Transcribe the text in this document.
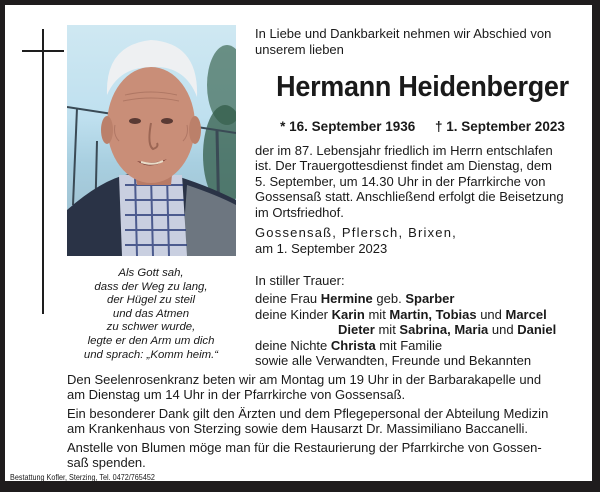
Als Gott sah,
dass der Weg zu lang,
der Hügel zu steil
und das Atmen
zu schwer wurde,
legte er den Arm um dich
und sprach: „Komm heim.“
In Liebe und Dankbarkeit nehmen wir Abschied von
unserem lieben
Hermann Heidenberger
* 16. September 1936 † 1. September 2023
der im 87. Lebensjahr friedlich im Herrn entschlafen
ist. Der Trauergottesdienst findet am Dienstag, dem
5. September, um 14.30 Uhr in der Pfarrkirche von
Gossensaß statt. Anschließend erfolgt die Beisetzung
im Ortsfriedhof.
Gossensaß, Pflersch, Brixen,
am 1. September 2023
In stiller Trauer:
deine Frau Hermine geb. Sparber
deine Kinder Karin mit Martin, Tobias und Marcel
Dieter mit Sabrina, Maria und Daniel
deine Nichte Christa mit Familie
sowie alle Verwandten, Freunde und Bekannten

Den Seelenrosenkranz beten wir am Montag um 19 Uhr in der Barbarakapelle und
am Dienstag um 14 Uhr in der Pfarrkirche von Gossensaß.

Ein besonderer Dank gilt den Ärzten und dem Pflegepersonal der Abteilung Medizin
am Krankenhaus von Sterzing sowie dem Hausarzt Dr. Massimiliano Baccanelli.

Anstelle von Blumen möge man für die Restaurierung der Pfarrkirche von Gossen-
saß spenden.

Bestattung Kofler, Sterzing, Tel. 0472/765452
